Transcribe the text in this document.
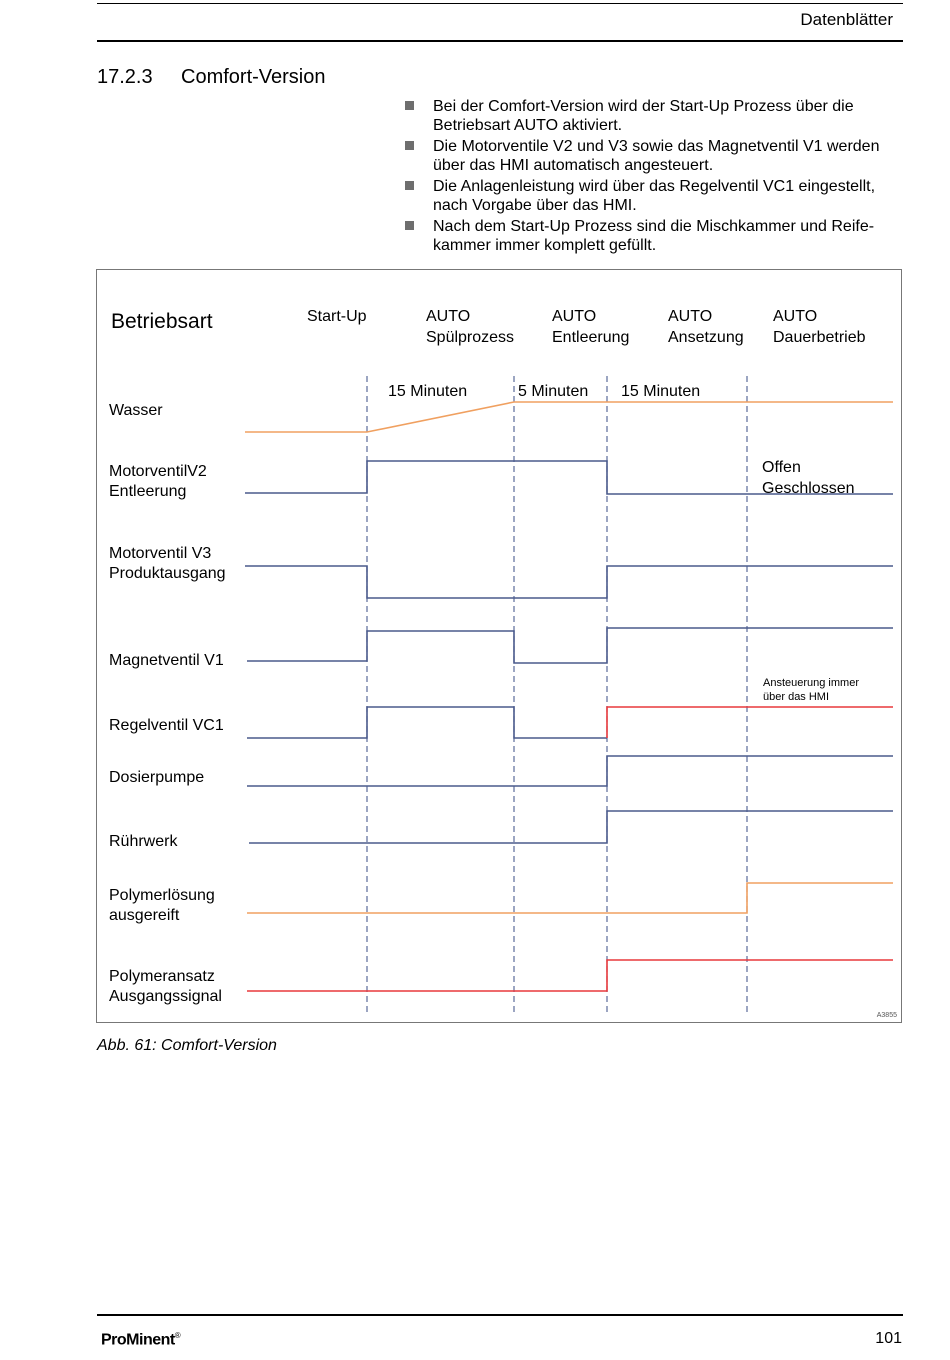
Datenblätter
17.2.3 Comfort-Version
Bei der Comfort-Version wird der Start-Up Prozess über die Betriebsart AUTO aktiviert.
Die Motorventile V2 und V3 sowie das Magnetventil V1 werden über das HMI automatisch angesteuert.
Die Anlagenleistung wird über das Regelventil VC1 eingestellt, nach Vorgabe über das HMI.
Nach dem Start-Up Prozess sind die Mischkammer und Reife-kammer immer komplett gefüllt.
Betriebsart	Start-Up	AUTO
Spülprozess
AUTO
Entleerung
AUTO
Ansetzung
AUTO
Dauerbetrieb
15 Minuten	5 Minuten 15 Minuten
Wasser
MotorventilV2
Entleerung
Motorventil V3
Produktausgang
Magnetventil V1
Regelventil VC1
Dosierpumpe
Rührwerk
Polymerlösung
ausgereift
Polymeransatz
Ausgangssignal
Offen
Geschlossen
Ansteuerung immer
über das HMI
A3855
Abb. 61: Comfort-Version
ProMinent®	101
